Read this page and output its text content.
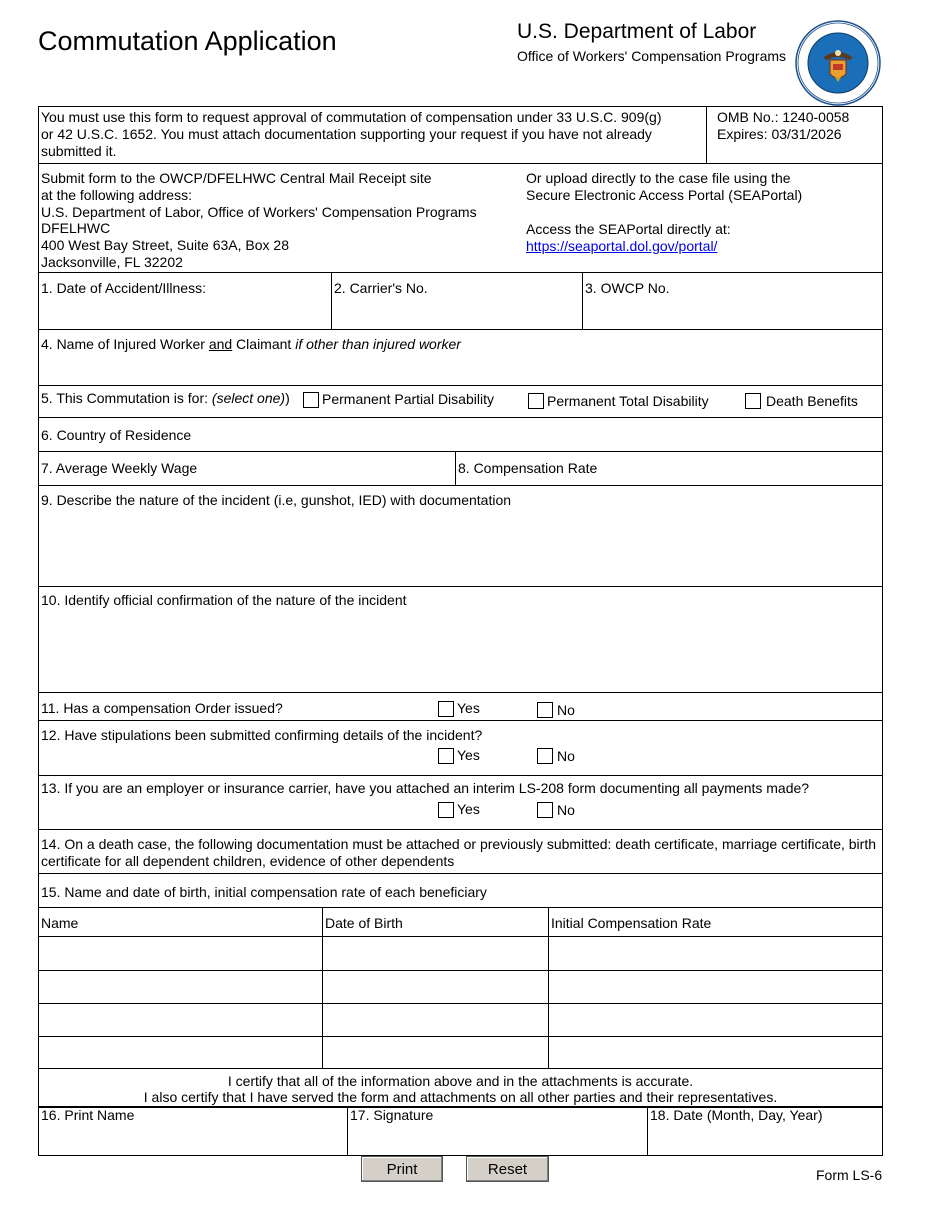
Commutation Application	U.S. Department of Labor
Office of Workers' Compensation Programs
You must use this form to request approval of commutation of compensation under 33 U.S.C. 909(g)
or 42 U.S.C. 1652. You must attach documentation supporting your request if you have not already
submitted it.
OMB No.: 1240-0058
Expires: 03/31/2026
Submit form to the OWCP/DFELHWC Central Mail Receipt site
at the following address:
U.S. Department of Labor, Office of Workers' Compensation Programs
DFELHWC
400 West Bay Street, Suite 63A, Box 28
Jacksonville, FL 32202
Or upload directly to the case file using the
Secure Electronic Access Portal (SEAPortal)
Access the SEAPortal directly at:
https://seaportal.dol.gov/portal/
1. Date of Accident/Illness:	2. Carrier's No.	3. OWCP No.
4. Name of Injured Worker and Claimant if other than injured worker
5. This Commutation is for: (select one)) Permanent Partial Disability	Permanent Total Disability	Death Benefits
6. Country of Residence
7. Average Weekly Wage	8. Compensation Rate
9. Describe the nature of the incident (i.e, gunshot, IED) with documentation
10. Identify official confirmation of the nature of the incident
11. Has a compensation Order issued?	Yes	No
12. Have stipulations been submitted confirming details of the incident?
Yes	No
13. If you are an employer or insurance carrier, have you attached an interim LS-208 form documenting all payments made?
Yes	No
14. On a death case, the following documentation must be attached or previously submitted: death certificate, marriage certificate, birth
certificate for all dependent children, evidence of other dependents
15. Name and date of birth, initial compensation rate of each beneficiary
Name	Date of Birth	Initial Compensation Rate
I certify that all of the information above and in the attachments is accurate.
I also certify that I have served the form and attachments on all other parties and their representatives.
16. Print Name	17. Signature	18. Date (Month, Day, Year)
Print	Reset	Form LS-6
